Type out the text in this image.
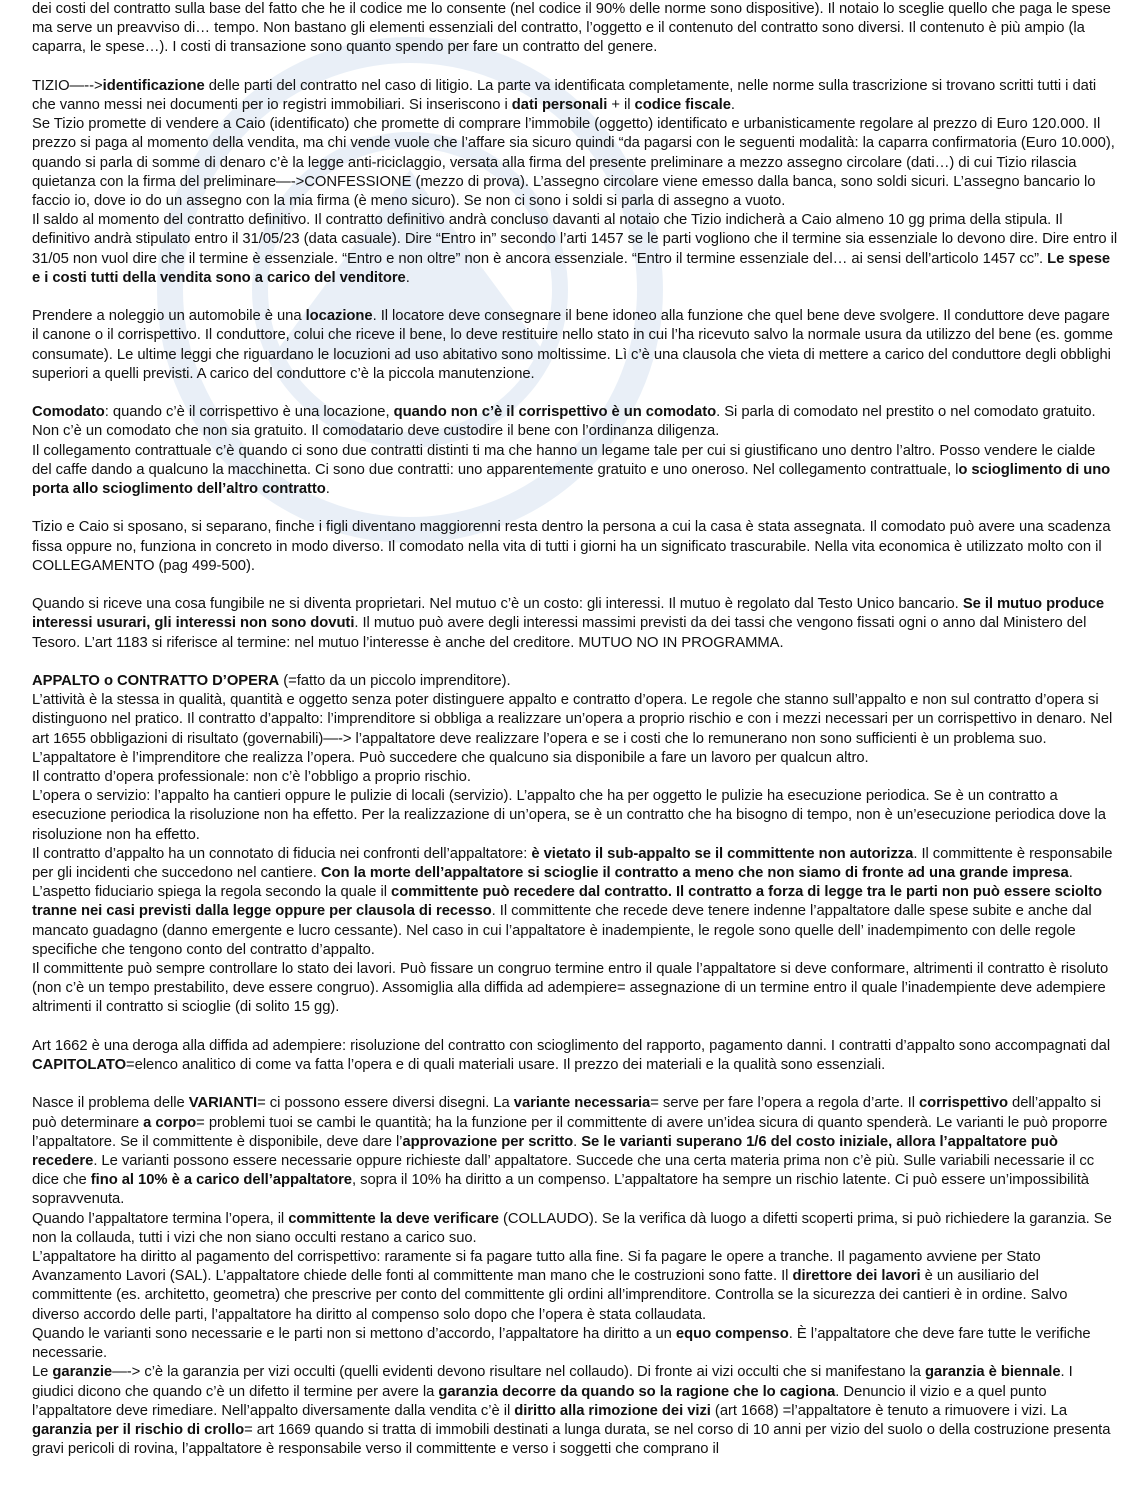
dei costi del contratto sulla base del fatto che he il codice me lo consente (nel codice il 90% delle norme sono dispositive). Il notaio lo sceglie quello che paga le spese ma serve un preavviso di… tempo. Non bastano gli elementi essenziali del contratto, l’oggetto e il contenuto del contratto sono diversi. Il contenuto è più ampio (la caparra, le spese…). I costi di transazione sono quanto spendo per fare un contratto del genere.

TIZIO—-->identificazione delle parti del contratto nel caso di litigio. La parte va identificata completamente, nelle norme sulla trascrizione si trovano scritti tutti i dati che vanno messi nei documenti per io registri immobiliari. Si inseriscono i dati personali + il codice fiscale.

Se Tizio promette di vendere a Caio (identificato) che promette di comprare l’immobile (oggetto) identificato e urbanisticamente regolare al prezzo di Euro 120.000. Il prezzo si paga al momento della vendita, ma chi vende vuole che l’affare sia sicuro quindi “da pagarsi con le seguenti modalità: la caparra confirmatoria (Euro 10.000), quando si parla di somme di denaro c’è la legge anti-riciclaggio, versata alla firma del presente preliminare a mezzo assegno circolare (dati…) di cui Tizio rilascia quietanza con la firma del preliminare—->CONFESSIONE (mezzo di prova). L’assegno circolare viene emesso dalla banca, sono soldi sicuri. L’assegno bancario lo faccio io, dove io do un assegno con la mia firma (è meno sicuro). Se non ci sono i soldi si parla di assegno a vuoto.

Il saldo al momento del contratto definitivo. Il contratto definitivo andrà concluso davanti al notaio che Tizio indicherà a Caio almeno 10 gg prima della stipula. Il definitivo andrà stipulato entro il 31/05/23 (data casuale). Dire “Entro in” secondo l’arti 1457 se le parti vogliono che il termine sia essenziale lo devono dire. Dire entro il 31/05 non vuol dire che il termine è essenziale. “Entro e non oltre” non è ancora essenziale. “Entro il termine essenziale del… ai sensi dell’articolo 1457 cc”. Le spese e i costi tutti della vendita sono a carico del venditore.

Prendere a noleggio un automobile è una locazione. Il locatore deve consegnare il bene idoneo alla funzione che quel bene deve svolgere. Il conduttore deve pagare il canone o il corrispettivo. Il conduttore, colui che riceve il bene, lo deve restituire nello stato in cui l’ha ricevuto salvo la normale usura da utilizzo del bene (es. gomme consumate). Le ultime leggi che riguardano le locuzioni ad uso abitativo sono moltissime. Lì c’è una clausola che vieta di mettere a carico del conduttore degli obblighi superiori a quelli previsti. A carico del conduttore c’è la piccola manutenzione.

Comodato: quando c’è il corrispettivo è una locazione, quando non c’è il corrispettivo è un comodato. Si parla di comodato nel prestito o nel comodato gratuito. Non c’è un comodato che non sia gratuito. Il comodatario deve custodire il bene con l’ordinanza diligenza.

Il collegamento contrattuale c’è quando ci sono due contratti distinti ti ma che hanno un legame tale per cui si giustificano uno dentro l’altro. Posso vendere le cialde del caffe dando a qualcuno la macchinetta. Ci sono due contratti: uno apparentemente gratuito e uno oneroso. Nel collegamento contrattuale, lo scioglimento di uno porta allo scioglimento dell’altro contratto.

Tizio e Caio si sposano, si separano, finche i figli diventano maggiorenni resta dentro la persona a cui la casa è stata assegnata. Il comodato può avere una scadenza fissa oppure no, funziona in concreto in modo diverso. Il comodato nella vita di tutti i giorni ha un significato trascurabile. Nella vita economica è utilizzato molto con il COLLEGAMENTO (pag 499-500).

Quando si riceve una cosa fungibile ne si diventa proprietari. Nel mutuo c’è un costo: gli interessi. Il mutuo è regolato dal Testo Unico bancario. Se il mutuo produce interessi usurari, gli interessi non sono dovuti. Il mutuo può avere degli interessi massimi previsti da dei tassi che vengono fissati ogni o anno dal Ministero del Tesoro. L’art 1183 si riferisce al termine: nel mutuo l’interesse è anche del creditore. MUTUO NO IN PROGRAMMA.

APPALTO o CONTRATTO D’OPERA (=fatto da un piccolo imprenditore).

L’attività è la stessa in qualità, quantità e oggetto senza poter distinguere appalto e contratto d’opera. Le regole che stanno sull’appalto e non sul contratto d’opera si distinguono nel pratico. Il contratto d’appalto: l’imprenditore si obbliga a realizzare un’opera a proprio rischio e con i mezzi necessari per un corrispettivo in denaro. Nel art 1655 obbligazioni di risultato (governabili)—-> l’appaltatore deve realizzare l’opera e se i costi che lo remunerano non sono sufficienti è un problema suo. L’appaltatore è l’imprenditore che realizza l’opera. Può succedere che qualcuno sia disponibile a fare un lavoro per qualcun altro.

Il contratto d’opera professionale: non c’è l’obbligo a proprio rischio.

L’opera o servizio: l’appalto ha cantieri oppure le pulizie di locali (servizio). L’appalto che ha per oggetto le pulizie ha esecuzione periodica. Se è un contratto a esecuzione periodica la risoluzione non ha effetto. Per la realizzazione di un’opera, se è un contratto che ha bisogno di tempo, non è un’esecuzione periodica dove la risoluzione non ha effetto.

Il contratto d’appalto ha un connotato di fiducia nei confronti dell’appaltatore: è vietato il sub-appalto se il committente non autorizza. Il committente è responsabile per gli incidenti che succedono nel cantiere. Con la morte dell’appaltatore si scioglie il contratto a meno che non siamo di fronte ad una grande impresa. L’aspetto fiduciario spiega la regola secondo la quale il committente può recedere dal contratto. Il contratto a forza di legge tra le parti non può essere sciolto tranne nei casi previsti dalla legge oppure per clausola di recesso. Il committente che recede deve tenere indenne l’appaltatore dalle spese subite e anche dal mancato guadagno (danno emergente e lucro cessante). Nel caso in cui l’appaltatore è inadempiente, le regole sono quelle dell’ inadempimento con delle regole specifiche che tengono conto del contratto d’appalto.

Il committente può sempre controllare lo stato dei lavori. Può fissare un congruo termine entro il quale l’appaltatore si deve conformare, altrimenti il contratto è risoluto (non c’è un tempo prestabilito, deve essere congruo). Assomiglia alla diffida ad adempiere= assegnazione di un termine entro il quale l’inadempiente deve adempiere altrimenti il contratto si scioglie (di solito 15 gg).

Art 1662 è una deroga alla diffida ad adempiere: risoluzione del contratto con scioglimento del rapporto, pagamento danni. I contratti d’appalto sono accompagnati dal CAPITOLATO=elenco analitico di come va fatta l’opera e di quali materiali usare. Il prezzo dei materiali e la qualità sono essenziali.

Nasce il problema delle VARIANTI= ci possono essere diversi disegni. La variante necessaria= serve per fare l’opera a regola d’arte. Il corrispettivo dell’appalto si può determinare a corpo= problemi tuoi se cambi le quantità; ha la funzione per il committente di avere un’idea sicura di quanto spenderà. Le varianti le può proporre l’appaltatore. Se il committente è disponibile, deve dare l’approvazione per scritto. Se le varianti superano 1/6 del costo iniziale, allora l’appaltatore può recedere. Le varianti possono essere necessarie oppure richieste dall’ appaltatore. Succede che una certa materia prima non c’è più. Sulle variabili necessarie il cc dice che fino al 10% è a carico dell’appaltatore, sopra il 10% ha diritto a un compenso. L’appaltatore ha sempre un rischio latente. Ci può essere un’impossibilità sopravvenuta.

Quando l’appaltatore termina l’opera, il committente la deve verificare (COLLAUDO). Se la verifica dà luogo a difetti scoperti prima, si può richiedere la garanzia. Se non la collauda, tutti i vizi che non siano occulti restano a carico suo.

L’appaltatore ha diritto al pagamento del corrispettivo: raramente si fa pagare tutto alla fine. Si fa pagare le opere a tranche. Il pagamento avviene per Stato Avanzamento Lavori (SAL). L’appaltatore chiede delle fonti al committente man mano che le costruzioni sono fatte. Il direttore dei lavori è un ausiliario del committente (es. architetto, geometra) che prescrive per conto del committente gli ordini all’imprenditore. Controlla se la sicurezza dei cantieri è in ordine. Salvo diverso accordo delle parti, l’appaltatore ha diritto al compenso solo dopo che l’opera è stata collaudata.

Quando le varianti sono necessarie e le parti non si mettono d’accordo, l’appaltatore ha diritto a un equo compenso. È l’appaltatore che deve fare tutte le verifiche necessarie.

Le garanzie—-> c’è la garanzia per vizi occulti (quelli evidenti devono risultare nel collaudo). Di fronte ai vizi occulti che si manifestano la garanzia è biennale. I giudici dicono che quando c’è un difetto il termine per avere la garanzia decorre da quando so la ragione che lo cagiona. Denuncio il vizio e a quel punto l’appaltatore deve rimediare. Nell’appalto diversamente dalla vendita c’è il diritto alla rimozione dei vizi (art 1668) =l’appaltatore è tenuto a rimuovere i vizi. La garanzia per il rischio di crollo= art 1669 quando si tratta di immobili destinati a lunga durata, se nel corso di 10 anni per vizio del suolo o della costruzione presenta gravi pericoli di rovina, l’appaltatore è responsabile verso il committente e verso i soggetti che comprano il
